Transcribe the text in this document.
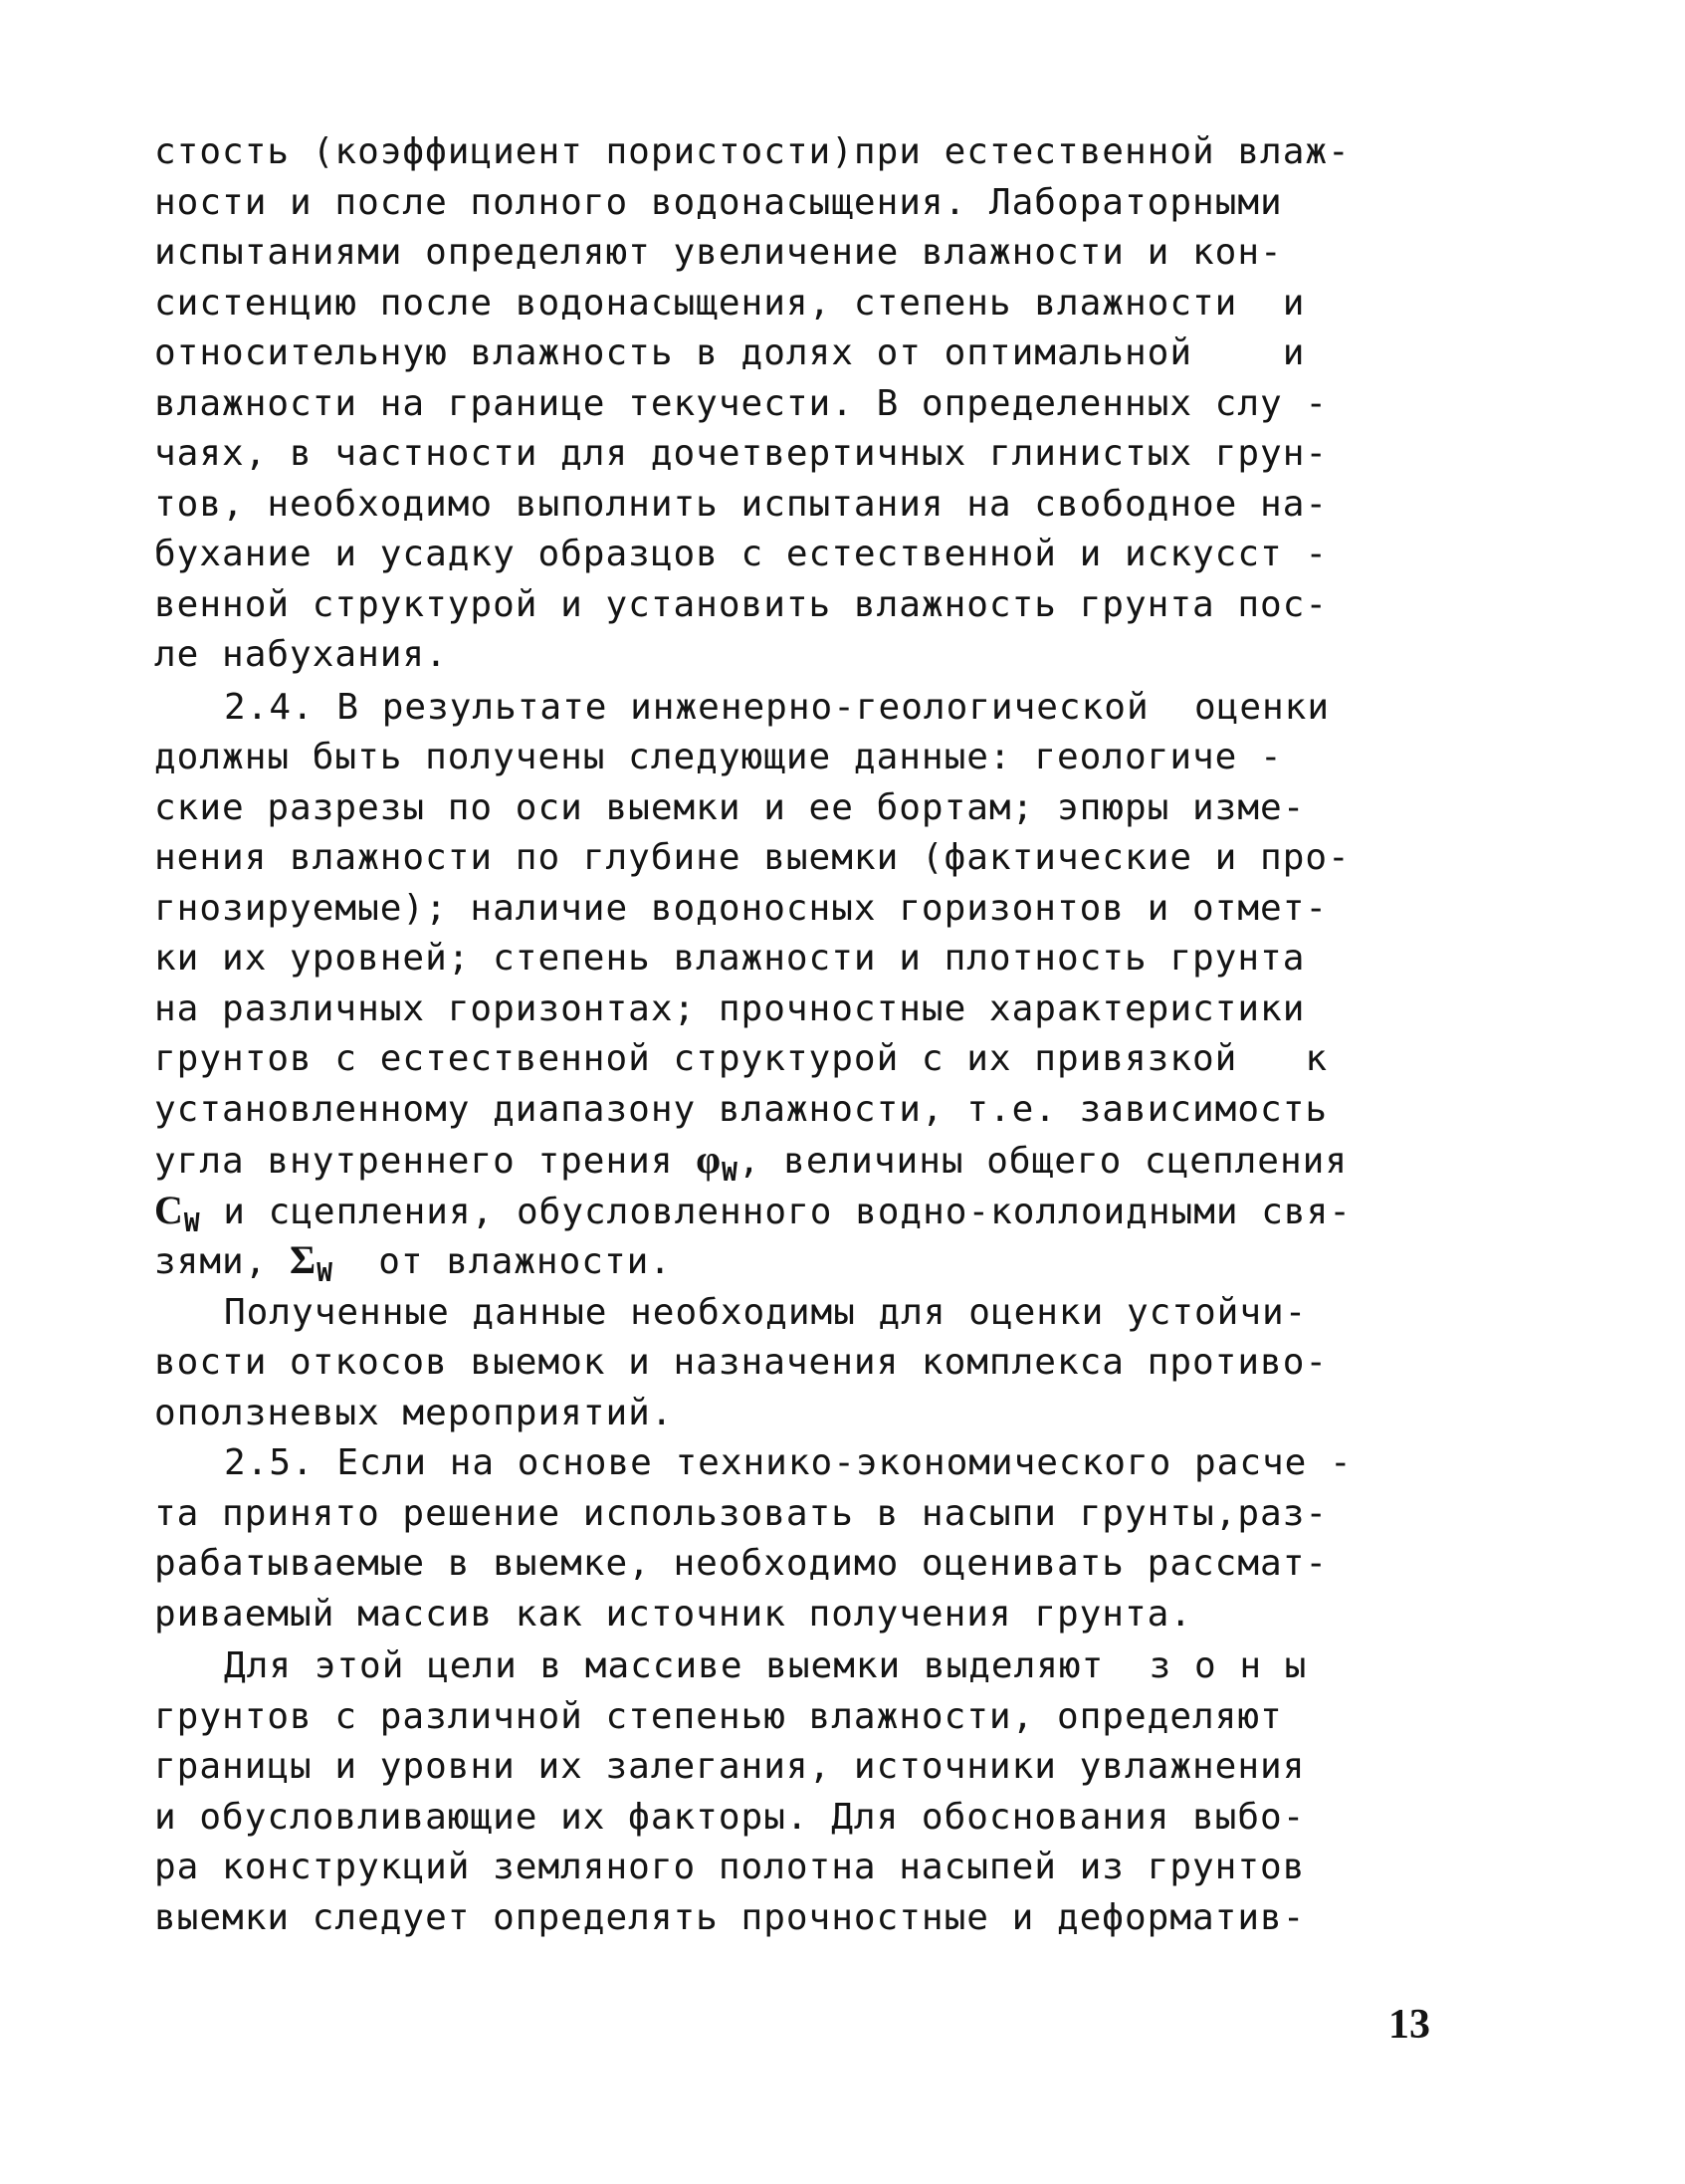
стость (коэффициент пористости)при естественной влаж-
ности и после полного водонасыщения. Лабораторными
испытаниями определяют увеличение влажности и кон-
систенцию после водонасыщения, степень влажности  и
относительную влажность в долях от оптимальной    и
влажности на границе текучести. В определенных слу -
чаях, в частности для дочетвертичных глинистых грун-
тов, необходимо выполнить испытания на свободное на-
бухание и усадку образцов с естественной и искусст -
венной структурой и установить влажность грунта пос-
ле набухания.
2.4. В результате инженерно-геологической  оценки
должны быть получены следующие данные: геологиче -
ские разрезы по оси выемки и ее бортам; эпюры изме-
нения влажности по глубине выемки (фактические и про-
гнозируемые); наличие водоносных горизонтов и отмет-
ки их уровней; степень влажности и плотность грунта
на различных горизонтах; прочностные характеристики
грунтов с естественной структурой с их привязкой   к
установленному диапазону влажности, т.е. зависимость
угла внутреннего трения $\varphi_W$, величины общего сцепления
$C_W$ и сцепления, обусловленного водно-коллоидными свя-
зями, $\Sigma_W$  от влажности.
Полученные данные необходимы для оценки устойчи-
вости откосов выемок и назначения комплекса противо-
оползневых мероприятий.
2.5. Если на основе технико-экономического расче -
та принято решение использовать в насыпи грунты,раз-
рабатываемые в выемке, необходимо оценивать рассмат-
риваемый массив как источник получения грунта.
Для этой цели в массиве выемки выделяют  з о н ы
грунтов с различной степенью влажности, определяют
границы и уровни их залегания, источники увлажнения
и обусловливающие их факторы. Для обоснования выбо-
ра конструкций земляного полотна насыпей из грунтов
выемки следует определять прочностные и деформатив-
13
